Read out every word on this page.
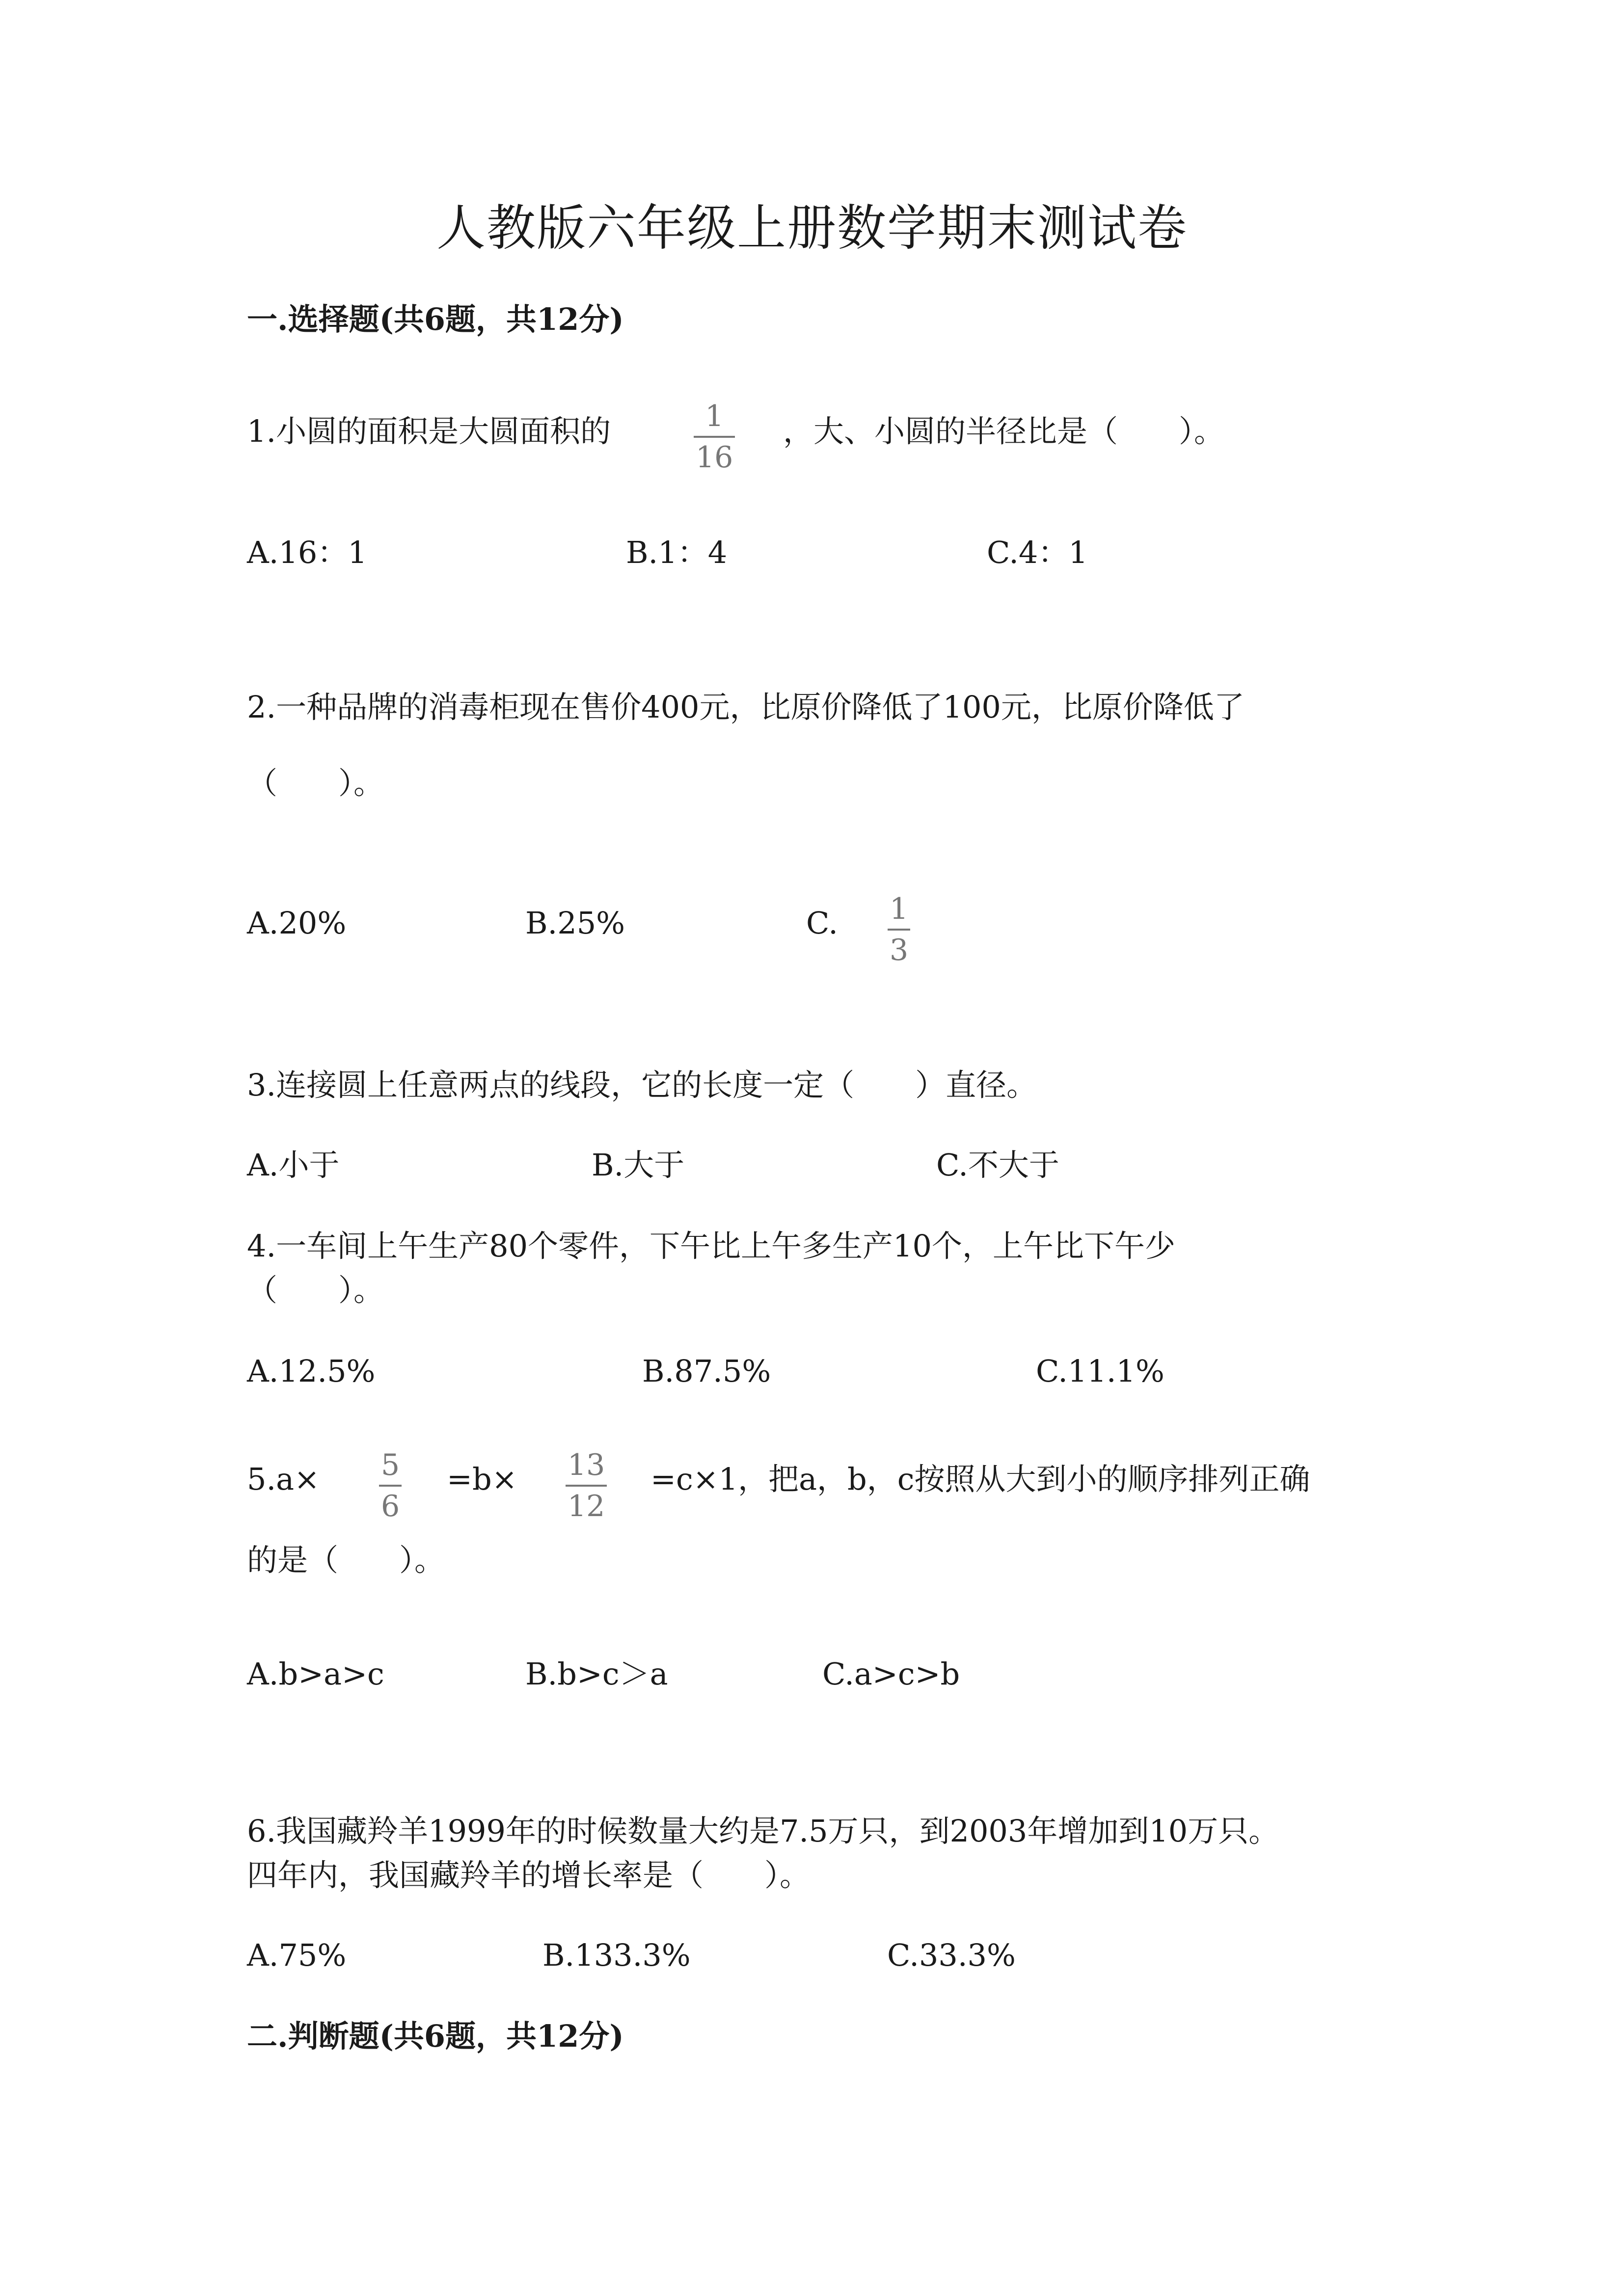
人教版六年级上册数学期末测试卷
一.选择题(共6题，共12分)
1.小圆的面积是大圆面积的	1
16
，大、小圆的半径比是（　　）。
A.16：1	B.1：4	C.4：1
2.一种品牌的消毒柜现在售价400元，比原价降低了100元，比原价降低了
（　　）。
A.20%	B.25%	C. 1
3
3.连接圆上任意两点的线段，它的长度一定（　　）直径。
A.小于	B.大于	C.不大于
4.一车间上午生产80个零件，下午比上午多生产10个，上午比下午少
（　　）。
A.12.5%	B.87.5%	C.11.1%
5.a× 5
6
=b× 13
12
=c×1，把a，b，c按照从大到小的顺序排列正确
的是（　　）。
A.b>a>c	B.b>c＞a	C.a>c>b
6.我国藏羚羊1999年的时候数量大约是7.5万只，到2003年增加到10万只。
四年内，我国藏羚羊的增长率是（　　）。
A.75%	B.133.3%	C.33.3%
二.判断题(共6题，共12分)
